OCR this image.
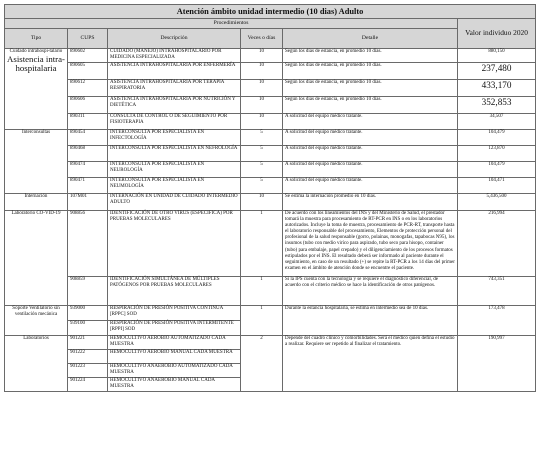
Atención ámbito unidad intermedio (10 dias) Adulto					
Procedimientos					Valor individuo 2020
Tipo	CUPS	Descripción	Veces o días	Detalle	

Cuidado intrahospi-talario
Asistencia intra-hospitalaria	890602	CUIDADO (MANEJO) INTRAHOSPITALARIO POR MEDICINA ESPECIALIZADA	10	Según los días de estancia, en promedio 10 días.	880,150
	890605	ASISTENCIA INTRAHOSPITALARIA POR ENFERMERÍA	10	Según los días de estancia, en promedio 10 días.	237,480
	890612	ASISTENCIA INTRAHOSPITALARIA POR TERAPIA RESPIRATORIA	10	Según los días de estancia, en promedio 10 días.	433,170
	890606	ASISTENCIA INTRAHOSPITALARIA POR NUTRICIÓN Y DIETÉTICA	10	Según los días de estancia, en promedio 10 días.	352,853
	890311	CONSULTA DE CONTROL O DE SEGUIMIENTO POR FISIOTERAPIA	10	A solicitud del equipo médico tratante.	34,507

Interconsultas	890454	INTERCONSULTA POR ESPECIALISTA EN INFECTOLOGÍA	5	A solicitud del equipo médico tratante.	104,479
	890468	INTERCONSULTA POR ESPECIALISTA EN NEFROLOGÍA	5	A solicitud del equipo médico tratante.	123,870
	890474	INTERCONSULTA POR ESPECIALISTA EN NEUROLOGÍA	5	A solicitud del equipo médico tratante.	104,479
	890471	INTERCONSULTA POR ESPECIALISTA EN NEUMOLOGÍA	5	A solicitud del equipo médico tratante.	104,471

Internación	107M01	INTERNACIÓN EN UNIDAD DE CUIDADO INTERMEDIO ADULTO	10	Se estima la internación promedio en 10 días.	5,436,500

Laboratorio CO-VID-19	908856	IDENTIFICACIÓN DE OTRO VIRUS (ESPECIFICA) POR PRUEBAS MOLECULARES	1	De acuerdo con los lineamientos del INS y del Ministerio de Salud, el prestador tomará la muestra para procesamiento de RT-PCR en INS o en los laboratorios autorizados. Incluye la toma de muestra, procesamiento de PCR-RT, transporte hasta el laboratorio responsable del procesamiento, Elementos de protección personal del profesional de la salud responsable (gorro, polainas, monogafas, tapabocas N95), los insumos (tubo con medio viríco para aspirado, tubo seco para hisopo, container (tubo) para embalaje, papel crepado) y el diligenciamiento de los procesos formatos estipulados por el INS. El resultado deberá ser informado al paciente durante el seguimiento, en caso de un resultado (+) se repite la RT-PCR a los 14 días del primer examen en el ámbito de atención donde se encuentre el paciente.	216,994
	908859	IDENTIFICACIÓN SIMULTÁNEA DE MÚLTIPLES PATÓGENOS POR PRUEBAS MOLECULARES	1	Si la IPS cuenta con la tecnología y se requiere el diagnóstico diferencial, de acuerdo con el criterio médico se hace la identificación de otros patógenos.	743,351

Soporte Ventilatorio sin ventilación mecánica	939000	RESPIRACIÓN DE PRESIÓN POSITIVA CONTINUA [RPPC] SOD	1	Durante la estancia hospitalaria, se estima en intermedio sea de 10 días.	173,478
	939100	RESPIRACIÓN DE PRESIÓN POSITIVA INTERMITENTE [RPPI] SOD			

Laboratorios	901221	HEMOCULTIVO AEROBIO AUTOMATIZADO CADA MUESTRA	2	Depende del cuadro clínico y comorbilidades. Será el médico quien defina el estudio a realizar. Requiere ser repetido al finalizar el tratamiento.	190,997
	901222	HEMOCULTIVO AEROBIO MANUAL CADA MUESTRA			
	901223	HEMOCULTIVO ANAEROBIO AUTOMATIZADO CADA MUESTRA			
	901224	HEMOCULTIVO ANAEROBIO MANUAL CADA MUESTRA			
